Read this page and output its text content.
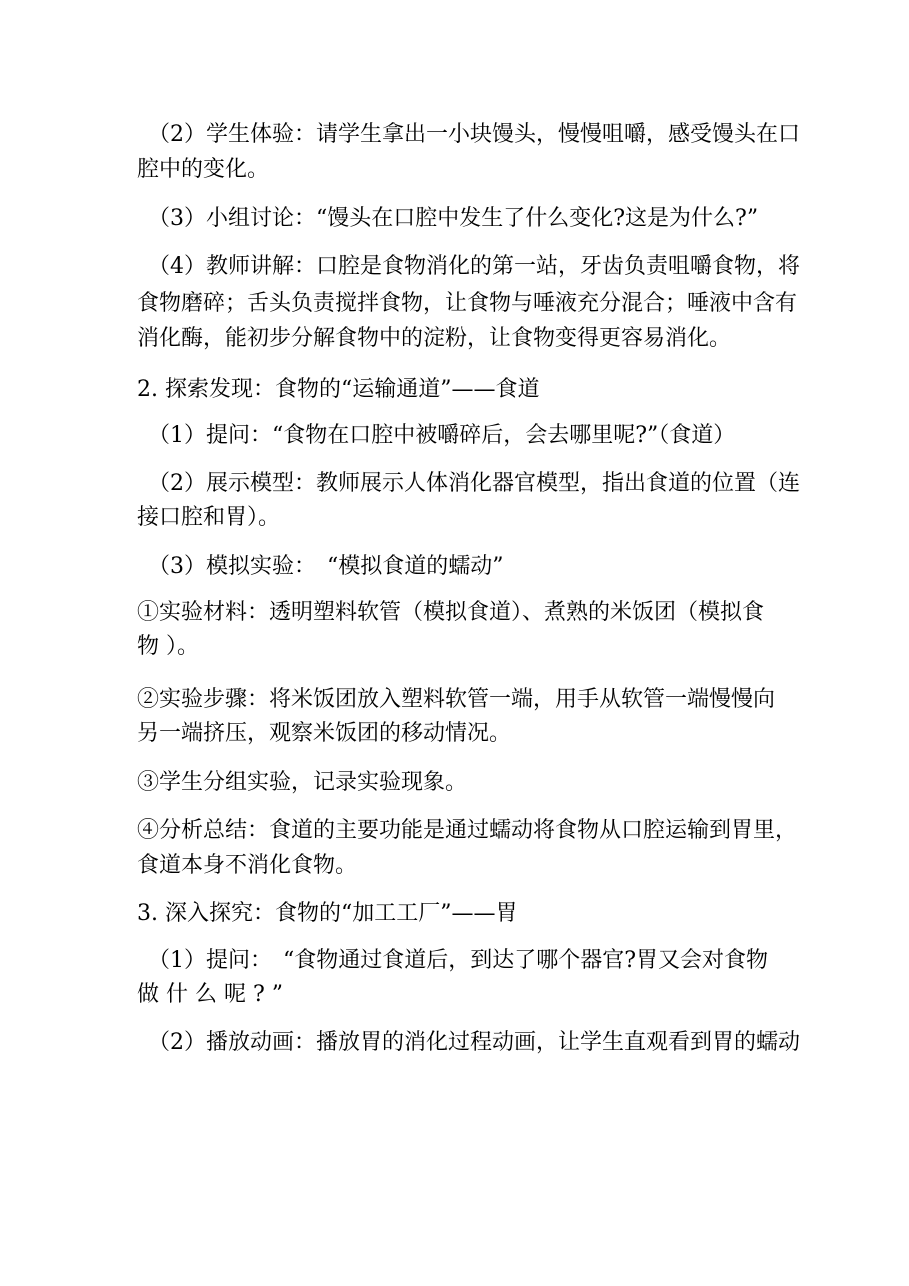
（2）学生体验：请学生拿出一小块馒头，慢慢咀嚼，感受馒头在口
腔中的变化。
（3）小组讨论：“馒头在口腔中发生了什么变化?这是为什么?”
（4）教师讲解：口腔是食物消化的第一站，牙齿负责咀嚼食物，将
食物磨碎；舌头负责搅拌食物，让食物与唾液充分混合；唾液中含有
消化酶，能初步分解食物中的淀粉，让食物变得更容易消化。
2. 探索发现：食物的“运输通道”——食道
（1）提问：“食物在口腔中被嚼碎后，会去哪里呢?”（食道）
（2）展示模型：教师展示人体消化器官模型，指出食道的位置（连
接口腔和胃）。
（3）模拟实验：　“模拟食道的蠕动”
①实验材料：透明塑料软管（模拟食道）、煮熟的米饭团（模拟食
物 ）。
②实验步骤：将米饭团放入塑料软管一端，用手从软管一端慢慢向
另一端挤压，观察米饭团的移动情况。
③学生分组实验，记录实验现象。
④分析总结：食道的主要功能是通过蠕动将食物从口腔运输到胃里，
食道本身不消化食物。
3. 深入探究：食物的“加工工厂”——胃
（1）提问：　“食物通过食道后，到达了哪个器官?胃又会对食物
做 什 么 呢 ? ”
（2）播放动画：播放胃的消化过程动画，让学生直观看到胃的蠕动
